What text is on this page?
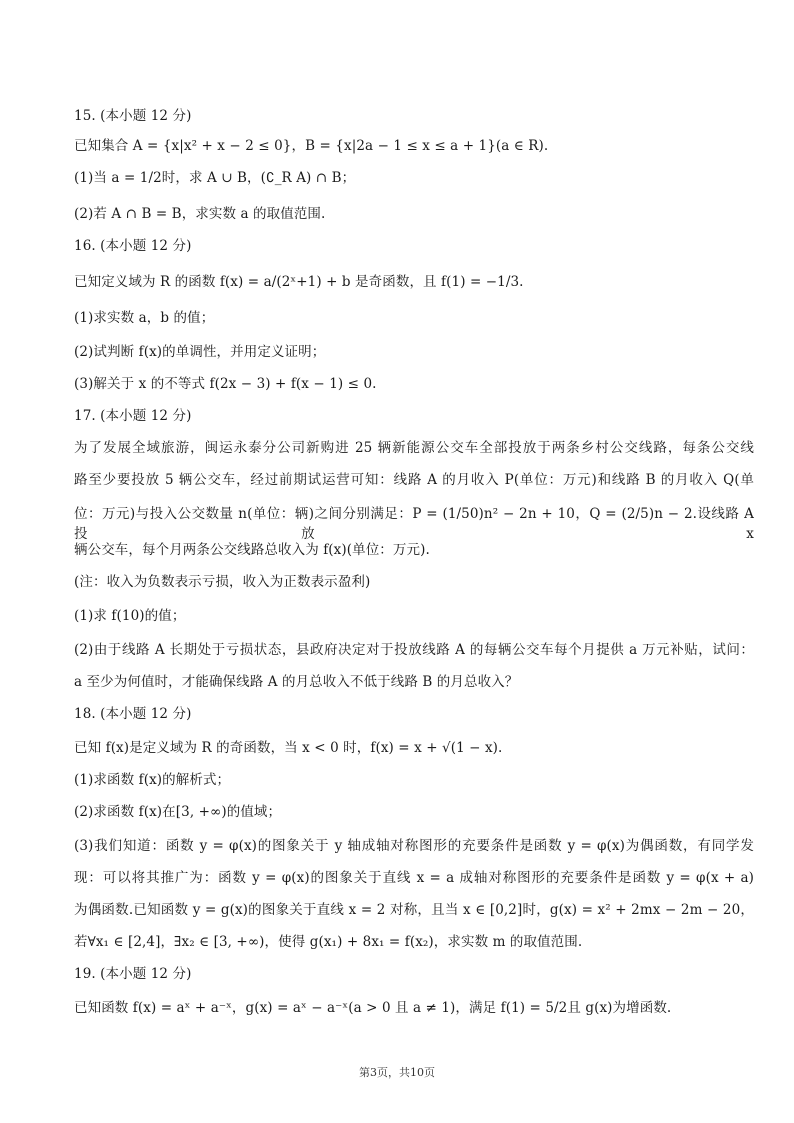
15. (本小题 12 分)
已知集合 A = {x|x² + x − 2 ≤ 0}，B = {x|2a − 1 ≤ x ≤ a + 1}(a ∈ R).
(1)当 a = 1/2时，求 A ∪ B，(∁_R A) ∩ B；
(2)若 A ∩ B = B，求实数 a 的取值范围.
16. (本小题 12 分)
已知定义域为 R 的函数 f(x) = a/(2ˣ+1) + b 是奇函数，且 f(1) = −1/3.
(1)求实数 a，b 的值；
(2)试判断 f(x)的单调性，并用定义证明；
(3)解关于 x 的不等式 f(2x − 3) + f(x − 1) ≤ 0.
17. (本小题 12 分)
为了发展全域旅游，闽运永泰分公司新购进 25 辆新能源公交车全部投放于两条乡村公交线路，每条公交线
路至少要投放 5 辆公交车，经过前期试运营可知：线路 A 的月收入 P(单位：万元)和线路 B 的月收入 Q(单
位：万元)与投入公交数量 n(单位：辆)之间分别满足：P = (1/50)n² − 2n + 10，Q = (2/5)n − 2.设线路 A 投放 x
辆公交车，每个月两条公交线路总收入为 f(x)(单位：万元).
(注：收入为负数表示亏损，收入为正数表示盈利)
(1)求 f(10)的值；
(2)由于线路 A 长期处于亏损状态，县政府决定对于投放线路 A 的每辆公交车每个月提供 a 万元补贴，试问：
a 至少为何值时，才能确保线路 A 的月总收入不低于线路 B 的月总收入？
18. (本小题 12 分)
已知 f(x)是定义域为 R 的奇函数，当 x < 0 时，f(x) = x + √(1 − x).
(1)求函数 f(x)的解析式；
(2)求函数 f(x)在[3, +∞)的值域；
(3)我们知道：函数 y = φ(x)的图象关于 y 轴成轴对称图形的充要条件是函数 y = φ(x)为偶函数，有同学发
现：可以将其推广为：函数 y = φ(x)的图象关于直线 x = a 成轴对称图形的充要条件是函数 y = φ(x + a)
为偶函数.已知函数 y = g(x)的图象关于直线 x = 2 对称，且当 x ∈ [0,2]时，g(x) = x² + 2mx − 2m − 20，
若∀x₁ ∈ [2,4]，∃x₂ ∈ [3, +∞)，使得 g(x₁) + 8x₁ = f(x₂)，求实数 m 的取值范围.
19. (本小题 12 分)
已知函数 f(x) = aˣ + a⁻ˣ，g(x) = aˣ − a⁻ˣ(a > 0 且 a ≠ 1)，满足 f(1) = 5/2且 g(x)为增函数.
第3页，共10页
